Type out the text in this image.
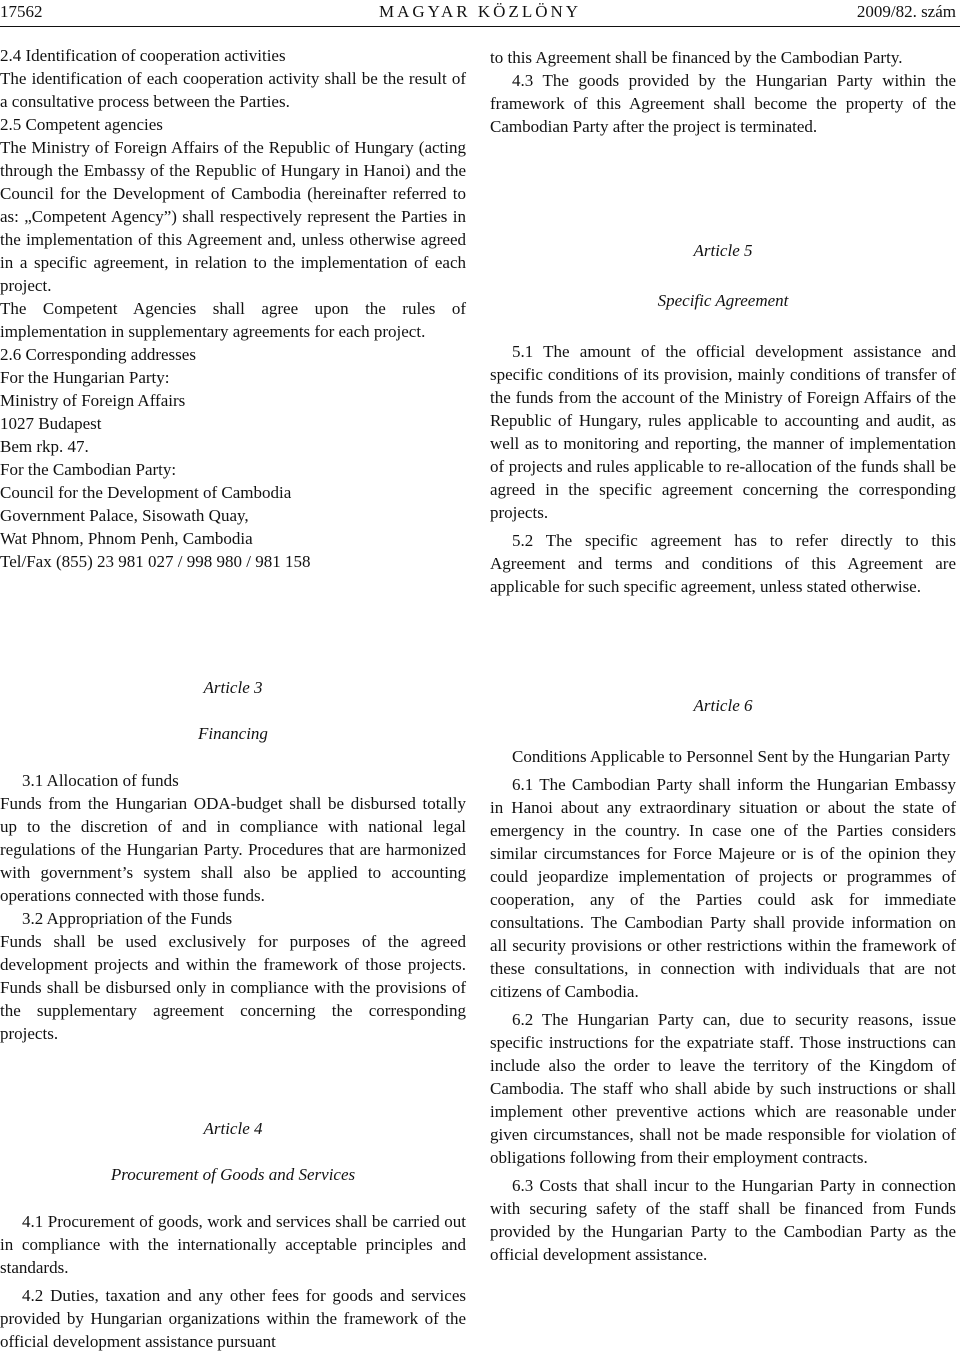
17562	MAGYAR KÖZLÖNY	2009/82. szám

2.4 Identification of cooperation activities

The identification of each cooperation activity shall be the result of a consultative process between the Parties.

2.5 Competent agencies

The Ministry of Foreign Affairs of the Republic of Hungary (acting through the Embassy of the Republic of Hungary in Hanoi) and the Council for the Development of Cambodia (hereinafter referred to as: „Competent Agency”) shall respectively represent the Parties in the implementation of this Agreement and, unless otherwise agreed in a specific agreement, in relation to the implementation of each project.

The Competent Agencies shall agree upon the rules of implementation in supplementary agreements for each project.

2.6 Corresponding addresses

For the Hungarian Party:

Ministry of Foreign Affairs

1027 Budapest

Bem rkp. 47.

For the Cambodian Party:

Council for the Development of Cambodia

Government Palace, Sisowath Quay,

Wat Phnom, Phnom Penh, Cambodia

Tel/Fax (855) 23 981 027 / 998 980 / 981 158

Article 3

Financing

3.1 Allocation of funds

Funds from the Hungarian ODA-budget shall be disbursed totally up to the discretion of and in compliance with national legal regulations of the Hungarian Party. Procedures that are harmonized with government’s system shall also be applied to accounting operations connected with those funds.

3.2 Appropriation of the Funds

Funds shall be used exclusively for purposes of the agreed development projects and within the framework of those projects. Funds shall be disbursed only in compliance with the provisions of the supplementary agreement concerning the corresponding projects.

Article 4

Procurement of Goods and Services

4.1 Procurement of goods, work and services shall be carried out in compliance with the internationally acceptable principles and standards.

4.2 Duties, taxation and any other fees for goods and services provided by Hungarian organizations within the framework of the official development assistance pursuant

to this Agreement shall be financed by the Cambodian Party.

4.3 The goods provided by the Hungarian Party within the framework of this Agreement shall become the property of the Cambodian Party after the project is terminated.

Article 5

Specific Agreement

5.1 The amount of the official development assistance and specific conditions of its provision, mainly conditions of transfer of the funds from the account of the Ministry of Foreign Affairs of the Republic of Hungary, rules applicable to accounting and audit, as well as to monitoring and reporting, the manner of implementation of projects and rules applicable to re-allocation of the funds shall be agreed in the specific agreement concerning the corresponding projects.

5.2 The specific agreement has to refer directly to this Agreement and terms and conditions of this Agreement are applicable for such specific agreement, unless stated otherwise.

Article 6

Conditions Applicable to Personnel Sent by the Hungarian Party

6.1 The Cambodian Party shall inform the Hungarian Embassy in Hanoi about any extraordinary situation or about the state of emergency in the country. In case one of the Parties considers similar circumstances for Force Majeure or is of the opinion they could jeopardize implementation of projects or programmes of cooperation, any of the Parties could ask for immediate consultations. The Cambodian Party shall provide information on all security provisions or other restrictions within the framework of these consultations, in connection with individuals that are not citizens of Cambodia.

6.2 The Hungarian Party can, due to security reasons, issue specific instructions for the expatriate staff. Those instructions can include also the order to leave the territory of the Kingdom of Cambodia. The staff who shall abide by such instructions or shall implement other preventive actions which are reasonable under given circumstances, shall not be made responsible for violation of obligations following from their employment contracts.

6.3 Costs that shall incur to the Hungarian Party in connection with securing safety of the staff shall be financed from Funds provided by the Hungarian Party to the Cambodian Party as the official development assistance.
